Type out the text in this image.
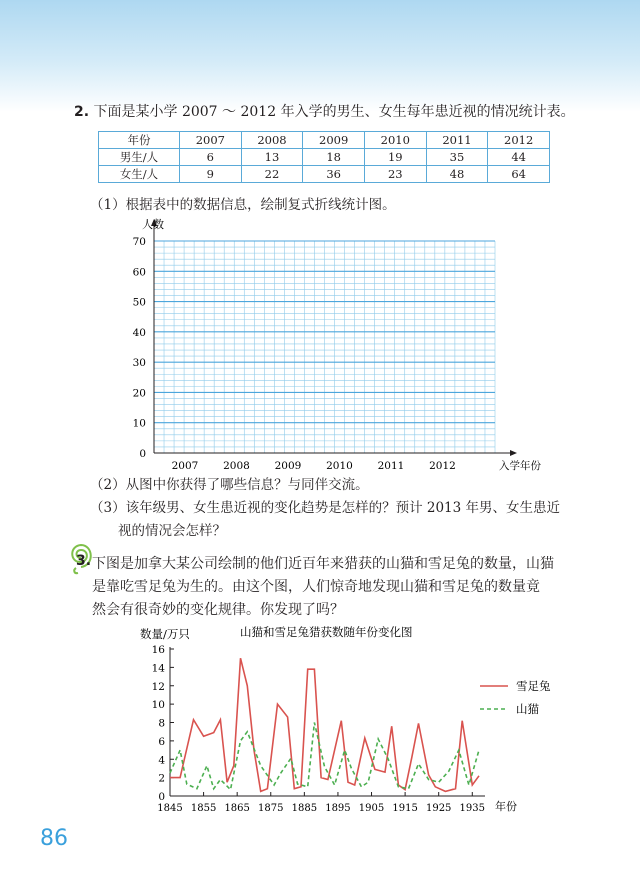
2. 下面是某小学 2007 ～ 2012 年入学的男生、女生每年患近视的情况统计表。
年份	2007	2008	2009	2010	2011	2012
男生/人	6	13	18	19	35	44
女生/人	9	22	36	23	48	64
（1）根据表中的数据信息，绘制复式折线统计图。
人数
入学年份
0
10
20
30
40
50
60
70
2007 2008 2009 2010 2011 2012
（2）从图中你获得了哪些信息？与同伴交流。
（3）该年级男、女生患近视的变化趋势是怎样的？预计 2013 年男、女生患近
视的情况会怎样？
3. 下图是加拿大某公司绘制的他们近百年来猎获的山猫和雪足兔的数量，山猫
是靠吃雪足兔为生的。由这个图，人们惊奇地发现山猫和雪足兔的数量竟
然会有很奇妙的变化规律。你发现了吗？
山猫和雪足兔猎获数随年份变化图
数量/万只
年份
0
2
4
6
8
10
12
14
16
1845 1855 1865 1875 1885 1895 1905 1915 1925 1935
雪足兔
山猫
86
